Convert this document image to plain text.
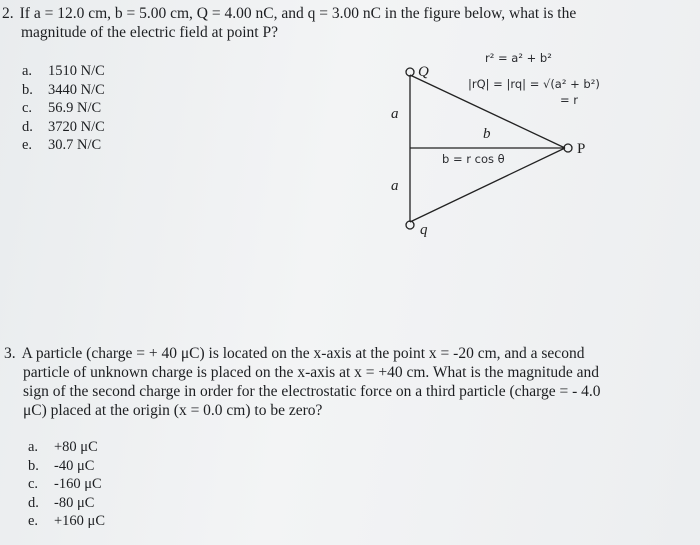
2. If a = 12.0 cm, b = 5.00 cm, Q = 4.00 nC, and q = 3.00 nC in the figure below, what is the
magnitude of the electric field at point P?
a.	1510 N/C
b.	3440 N/C
c.	56.9 N/C
d.	3720 N/C
e.	30.7 N/C
Q
q
a
a
b
P
r² = a² + b²
|rQ| = |rq| = √(a² + b²)
= r
b = r cos θ
3. A particle (charge = + 40 μC) is located on the x-axis at the point x = -20 cm, and a second
particle of unknown charge is placed on the x-axis at x = +40 cm. What is the magnitude and
sign of the second charge in order for the electrostatic force on a third particle (charge = - 4.0
μC) placed at the origin (x = 0.0 cm) to be zero?
a.	+80 μC
b.	-40 μC
c.	-160 μC
d.	-80 μC
e.	+160 μC
